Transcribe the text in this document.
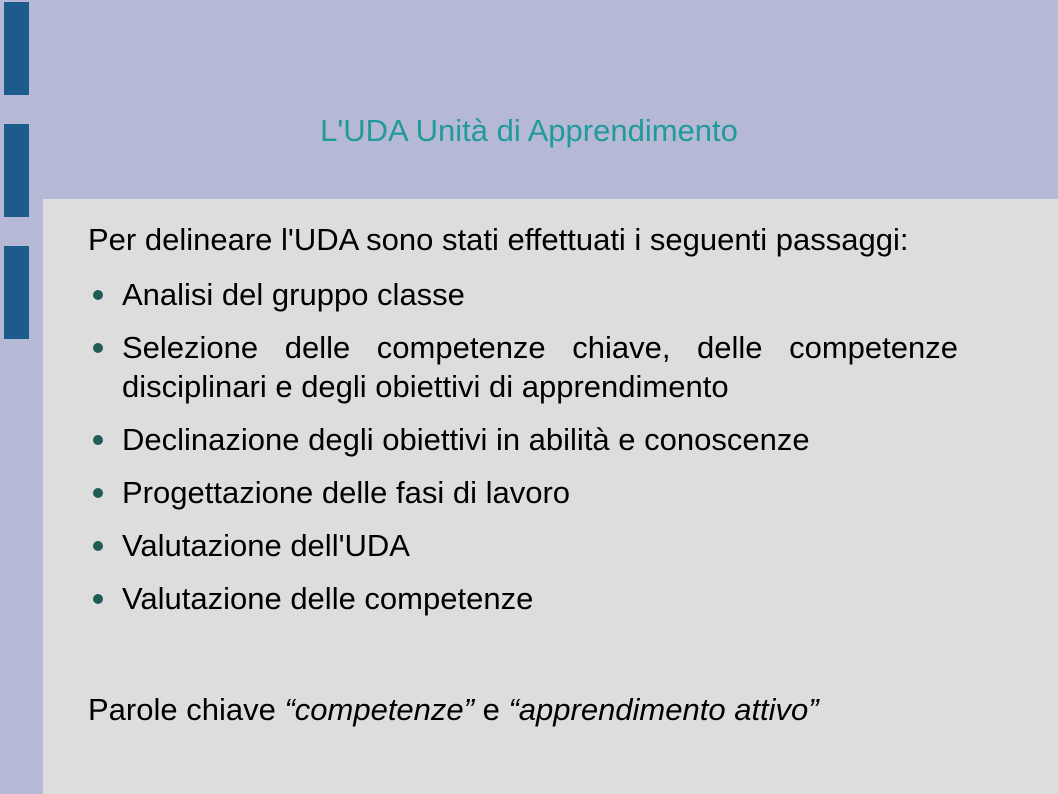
L'UDA Unità di Apprendimento

Per delineare l'UDA sono stati effettuati i seguenti passaggi:

Analisi del gruppo classe
Selezione delle competenze chiave, delle competenze disciplinari e degli obiettivi di apprendimento
Declinazione degli obiettivi in abilità e conoscenze
Progettazione delle fasi di lavoro
Valutazione dell'UDA
Valutazione delle competenze

Parole chiave “competenze” e “apprendimento attivo”
